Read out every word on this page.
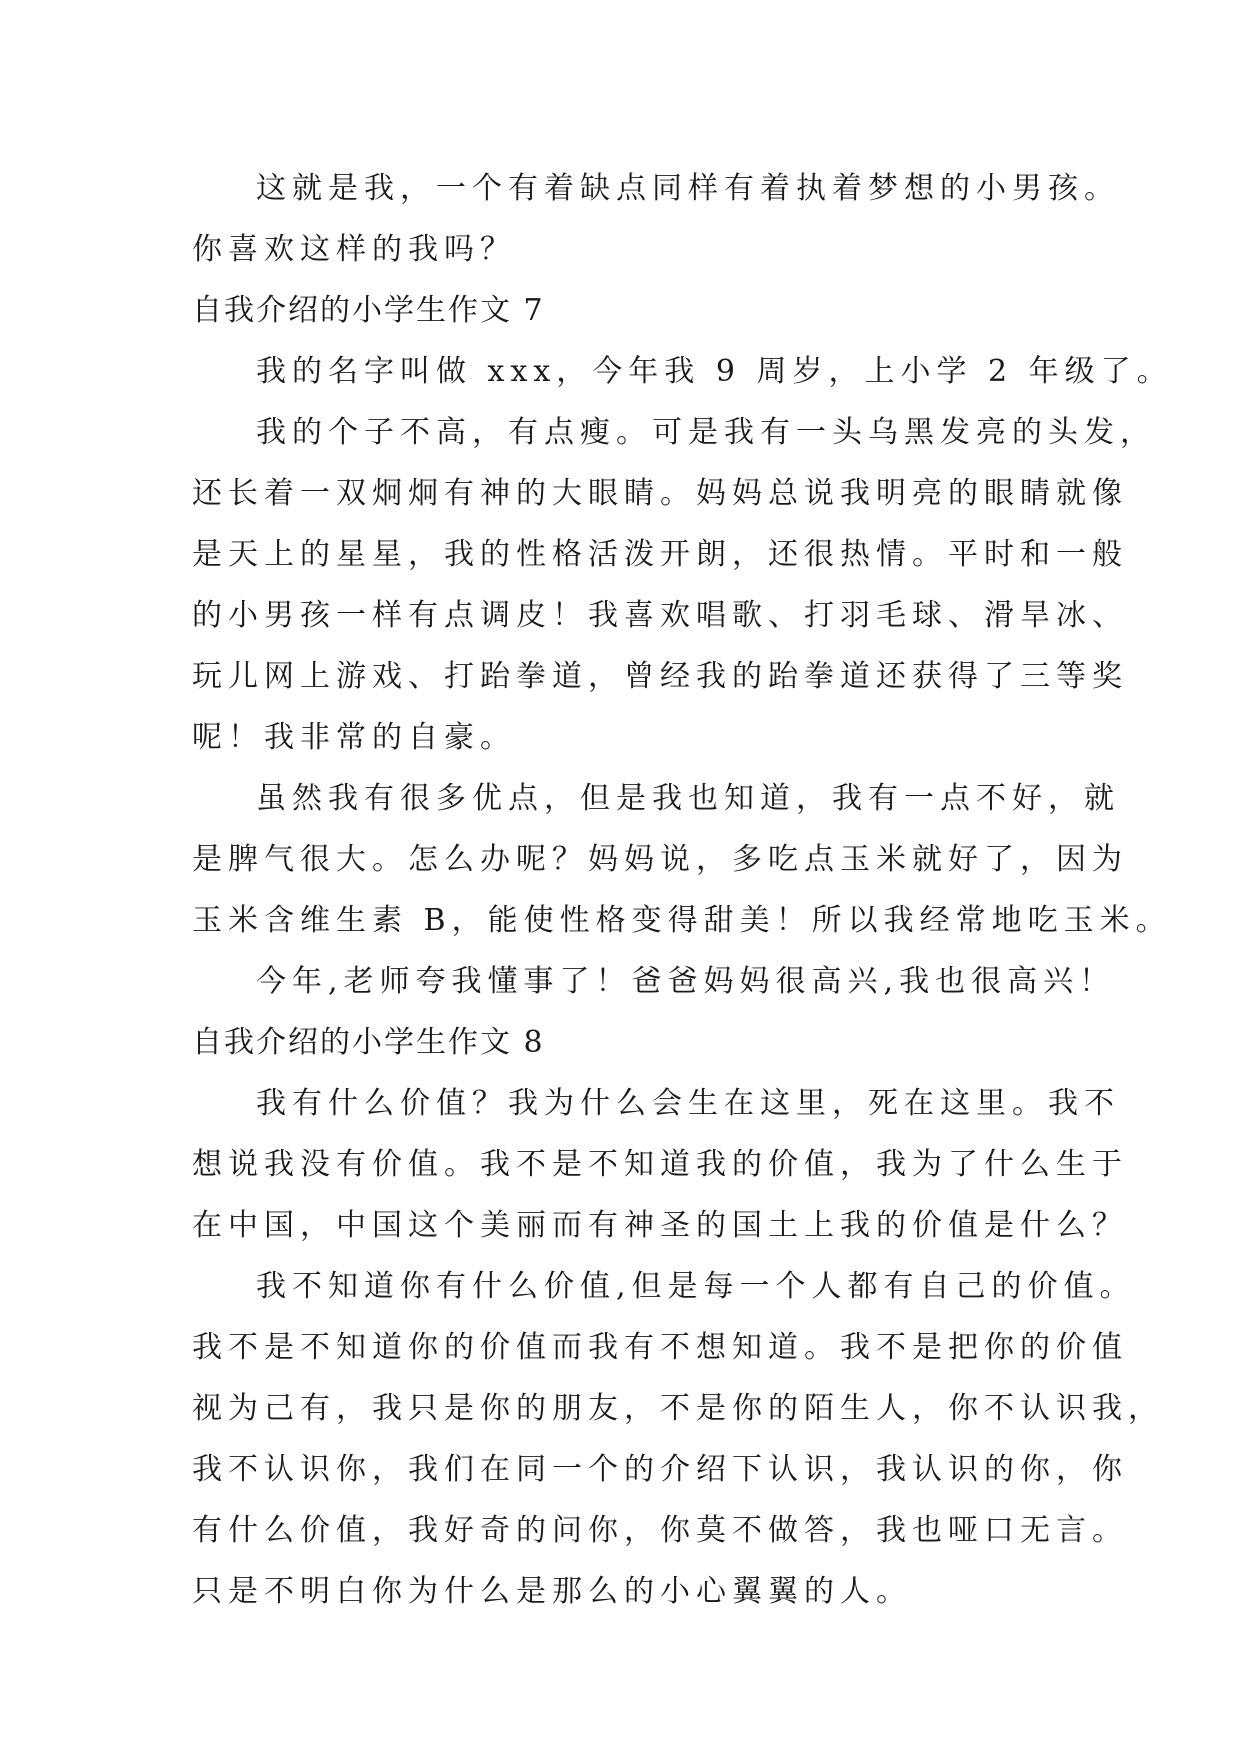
这就是我，一个有着缺点同样有着执着梦想的小男孩。
你喜欢这样的我吗？
自我介绍的小学生作文 7
我的名字叫做 xxx，今年我 9 周岁，上小学 2 年级了。
我的个子不高，有点瘦。可是我有一头乌黑发亮的头发，
还长着一双炯炯有神的大眼睛。妈妈总说我明亮的眼睛就像
是天上的星星，我的性格活泼开朗，还很热情。平时和一般
的小男孩一样有点调皮！我喜欢唱歌、打羽毛球、滑旱冰、
玩儿网上游戏、打跆拳道，曾经我的跆拳道还获得了三等奖
呢！我非常的自豪。
虽然我有很多优点，但是我也知道，我有一点不好，就
是脾气很大。怎么办呢？妈妈说，多吃点玉米就好了，因为
玉米含维生素 B，能使性格变得甜美！所以我经常地吃玉米。
今年,老师夸我懂事了！爸爸妈妈很高兴,我也很高兴！
自我介绍的小学生作文 8
我有什么价值？我为什么会生在这里，死在这里。我不
想说我没有价值。我不是不知道我的价值，我为了什么生于
在中国，中国这个美丽而有神圣的国土上我的价值是什么？
我不知道你有什么价值,但是每一个人都有自己的价值。
我不是不知道你的价值而我有不想知道。我不是把你的价值
视为己有，我只是你的朋友，不是你的陌生人，你不认识我，
我不认识你，我们在同一个的介绍下认识，我认识的你，你
有什么价值，我好奇的问你，你莫不做答，我也哑口无言。
只是不明白你为什么是那么的小心翼翼的人。
